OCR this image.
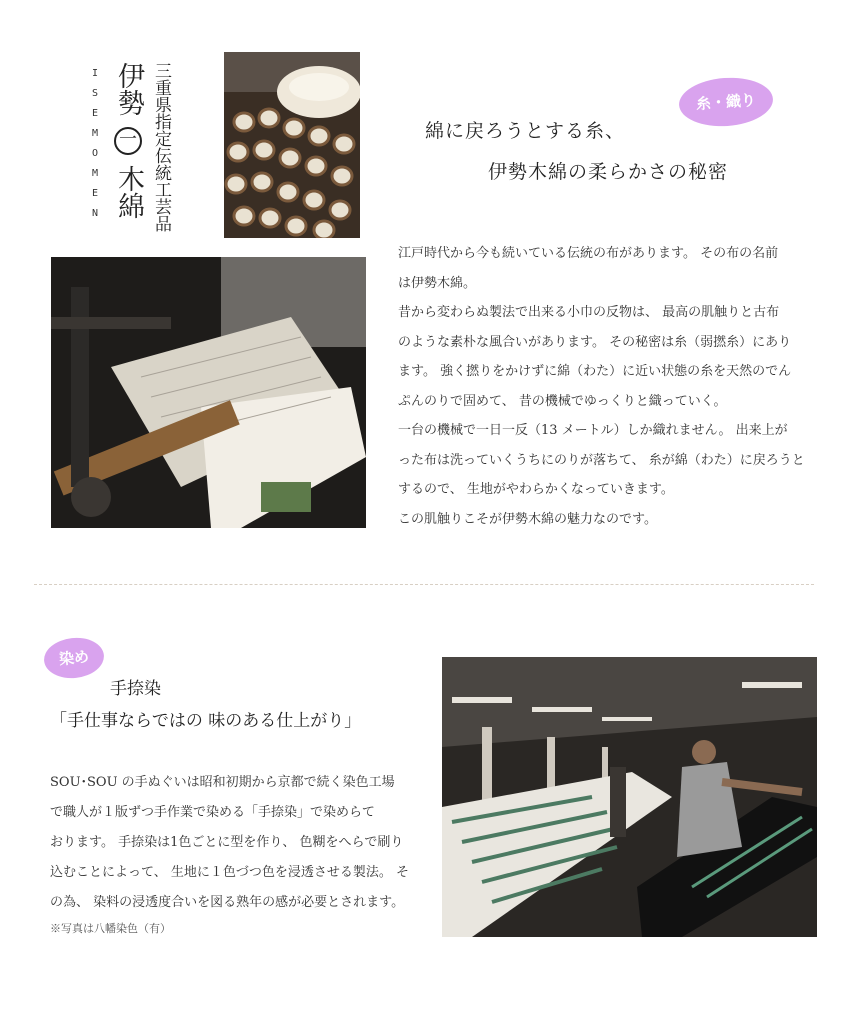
I
S
E
M
O
M
E
N
伊勢 一 木綿 三重県指定伝統工芸品	糸・織り
綿に戻ろうとする糸、
伊勢木綿の柔らかさの秘密
江戸時代から今も続いている伝統の布があります。 その布の名前
は伊勢木綿。
昔から変わらぬ製法で出来る小巾の反物は、 最高の肌触りと古布
のような素朴な風合いがあります。 その秘密は糸（弱撚糸）にあり
ます。 強く撚りをかけずに綿（わた）に近い状態の糸を天然のでん
ぷんのりで固めて、 昔の機械でゆっくりと織っていく。
一台の機械で一日一反（13 メートル）しか織れません。 出来上が
った布は洗っていくうちにのりが落ちて、 糸が綿（わた）に戻ろうと
するので、 生地がやわらかくなっていきます。
この肌触りこそが伊勢木綿の魅力なのです。
染め
手捺染
「手仕事ならではの 味のある仕上がり」
SOU･SOU の手ぬぐいは昭和初期から京都で続く染色工場
で職人が１版ずつ手作業で染める「手捺染」で染めらて
おります。 手捺染は1色ごとに型を作り、 色糊をへらで刷り
込むことによって、 生地に１色づつ色を浸透させる製法。 そ
の為、 染料の浸透度合いを図る熟年の感が必要とされます。
※写真は八幡染色（有）
